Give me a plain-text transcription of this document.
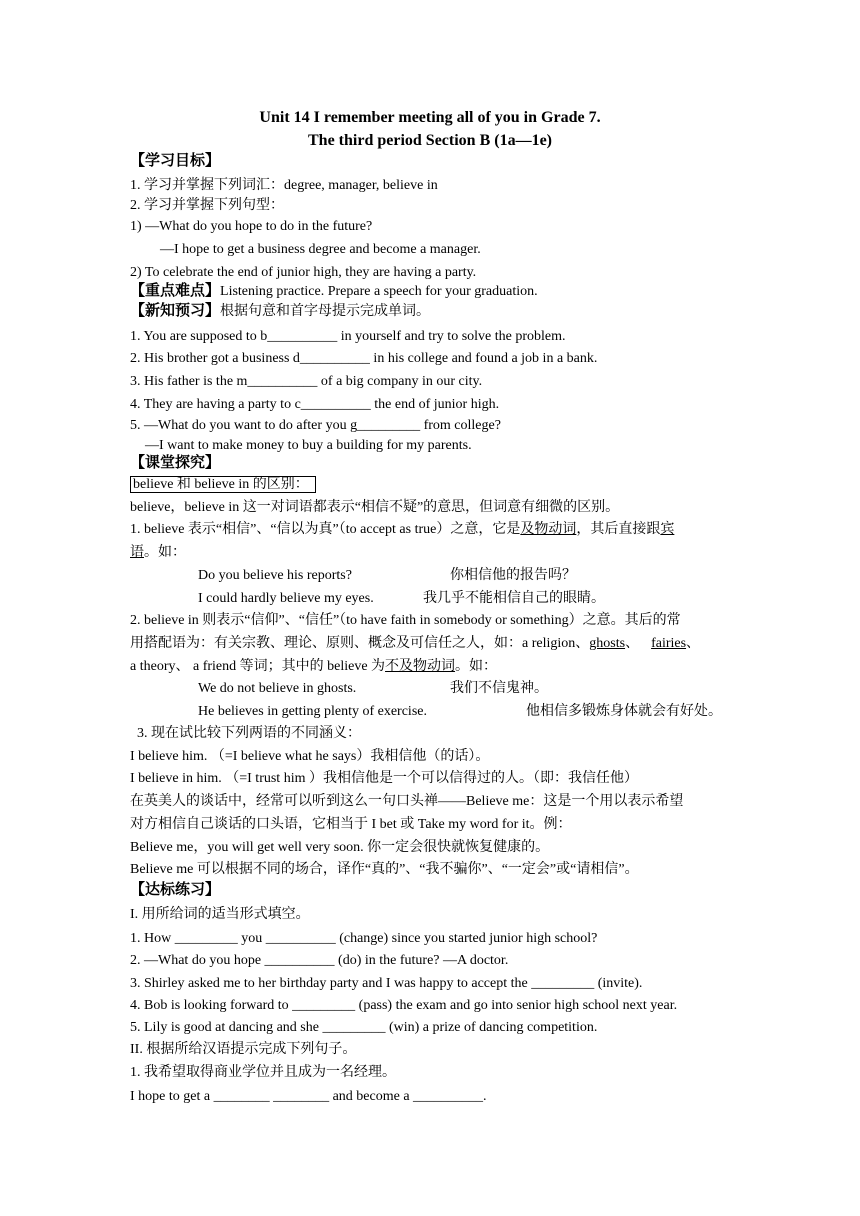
Unit 14 I remember meeting all of you in Grade 7.
The third period Section B (1a—1e)
【学习目标】
1. 学习并掌握下列词汇：degree, manager, believe in
2. 学习并掌握下列句型：
1) —What do you hope to do in the future?
—I hope to get a business degree and become a manager.
2) To celebrate the end of junior high, they are having a party.
【重点难点】Listening practice. Prepare a speech for your graduation.
【新知预习】根据句意和首字母提示完成单词。
1. You are supposed to b__________ in yourself and try to solve the problem.
2. His brother got a business d__________ in his college and found a job in a bank.
3. His father is the m__________ of a big company in our city.
4. They are having a party to c__________ the end of junior high.
5. —What do you want to do after you g_________ from college?
—I want to make money to buy a building for my parents.
【课堂探究】
believe 和 believe in 的区别：
believe，believe in 这一对词语都表示“相信不疑”的意思，但词意有细微的区别。
1. believe 表示“相信”、“信以为真”（to accept as true）之意，它是及物动词，其后直接跟宾
语。如：
Do you believe his reports?	你相信他的报告吗？
I could hardly believe my eyes.	我几乎不能相信自己的眼睛。
2. believe in 则表示“信仰”、“信任”（to have faith in somebody or something）之意。其后的常
用搭配语为：有关宗教、理论、原则、概念及可信任之人，如：a religion、ghosts、 fairies、
a theory、 a friend 等词；其中的 believe 为不及物动词。如：
We do not believe in ghosts.	我们不信鬼神。
He believes in getting plenty of exercise.	他相信多锻炼身体就会有好处。
3. 现在试比较下列两语的不同涵义：
I believe him. （=I believe what he says）我相信他（的话）。
I believe in him. （=I trust him ）我相信他是一个可以信得过的人。（即：我信任他）
在英美人的谈话中，经常可以听到这么一句口头禅——Believe me：这是一个用以表示希望
对方相信自己谈话的口头语，它相当于 I bet 或 Take my word for it。例：
Believe me，you will get well very soon. 你一定会很快就恢复健康的。
Believe me 可以根据不同的场合，译作“真的”、“我不骗你”、“一定会”或“请相信”。
【达标练习】
I. 用所给词的适当形式填空。
1. How _________ you __________ (change) since you started junior high school?
2. —What do you hope __________ (do) in the future? —A doctor.
3. Shirley asked me to her birthday party and I was happy to accept the _________ (invite).
4. Bob is looking forward to _________ (pass) the exam and go into senior high school next year.
5. Lily is good at dancing and she _________ (win) a prize of dancing competition.
II. 根据所给汉语提示完成下列句子。
1. 我希望取得商业学位并且成为一名经理。
I hope to get a ________ ________ and become a __________.
